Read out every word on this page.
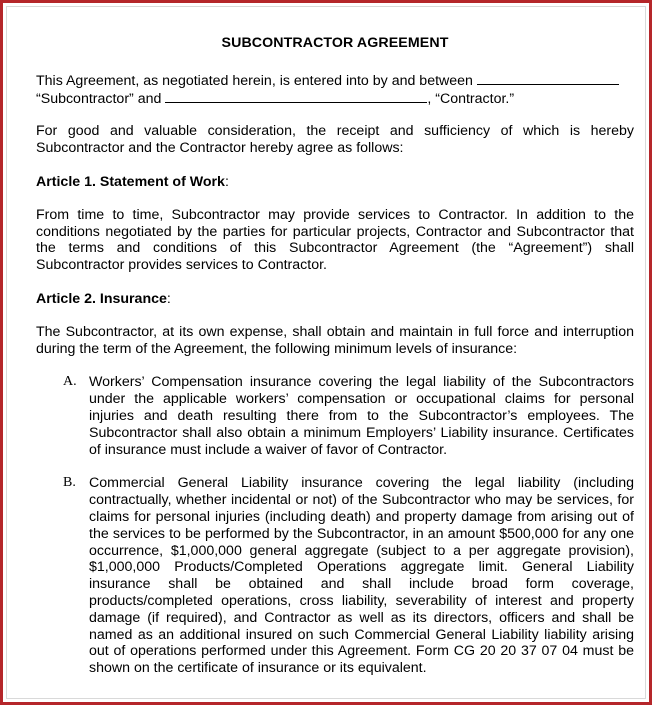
SUBCONTRACTOR AGREEMENT

This Agreement, as negotiated herein, is entered into by and between
“Subcontractor” and	, “Contractor.”

For good and valuable consideration, the receipt and sufficiency of which is hereby Subcontractor and the Contractor hereby agree as follows:

Article 1. Statement of Work:

From time to time, Subcontractor may provide services to Contractor. In addition to the conditions negotiated by the parties for particular projects, Contractor and Subcontractor that the terms and conditions of this Subcontractor Agreement (the “Agreement”) shall Subcontractor provides services to Contractor.

Article 2. Insurance:

The Subcontractor, at its own expense, shall obtain and maintain in full force and interruption during the term of the Agreement, the following minimum levels of insurance:

A. Workers’ Compensation insurance covering the legal liability of the Subcontractors under the applicable workers’ compensation or occupational claims for personal injuries and death resulting there from to the Subcontractor’s employees. The Subcontractor shall also obtain a minimum Employers’ Liability insurance. Certificates of insurance must include a waiver of favor of Contractor.
B. Commercial General Liability insurance covering the legal liability (including contractually, whether incidental or not) of the Subcontractor who may be services, for claims for personal injuries (including death) and property damage from arising out of the services to be performed by the Subcontractor, in an amount $500,000 for any one occurrence, $1,000,000 general aggregate (subject to a per aggregate provision), $1,000,000 Products/Completed Operations aggregate limit. General Liability insurance shall be obtained and shall include broad form coverage, products/completed operations, cross liability, severability of interest and property damage (if required), and Contractor as well as its directors, officers and shall be named as an additional insured on such Commercial General Liability liability arising out of operations performed under this Agreement. Form CG 20 20 37 07 04 must be shown on the certificate of insurance or its equivalent.
